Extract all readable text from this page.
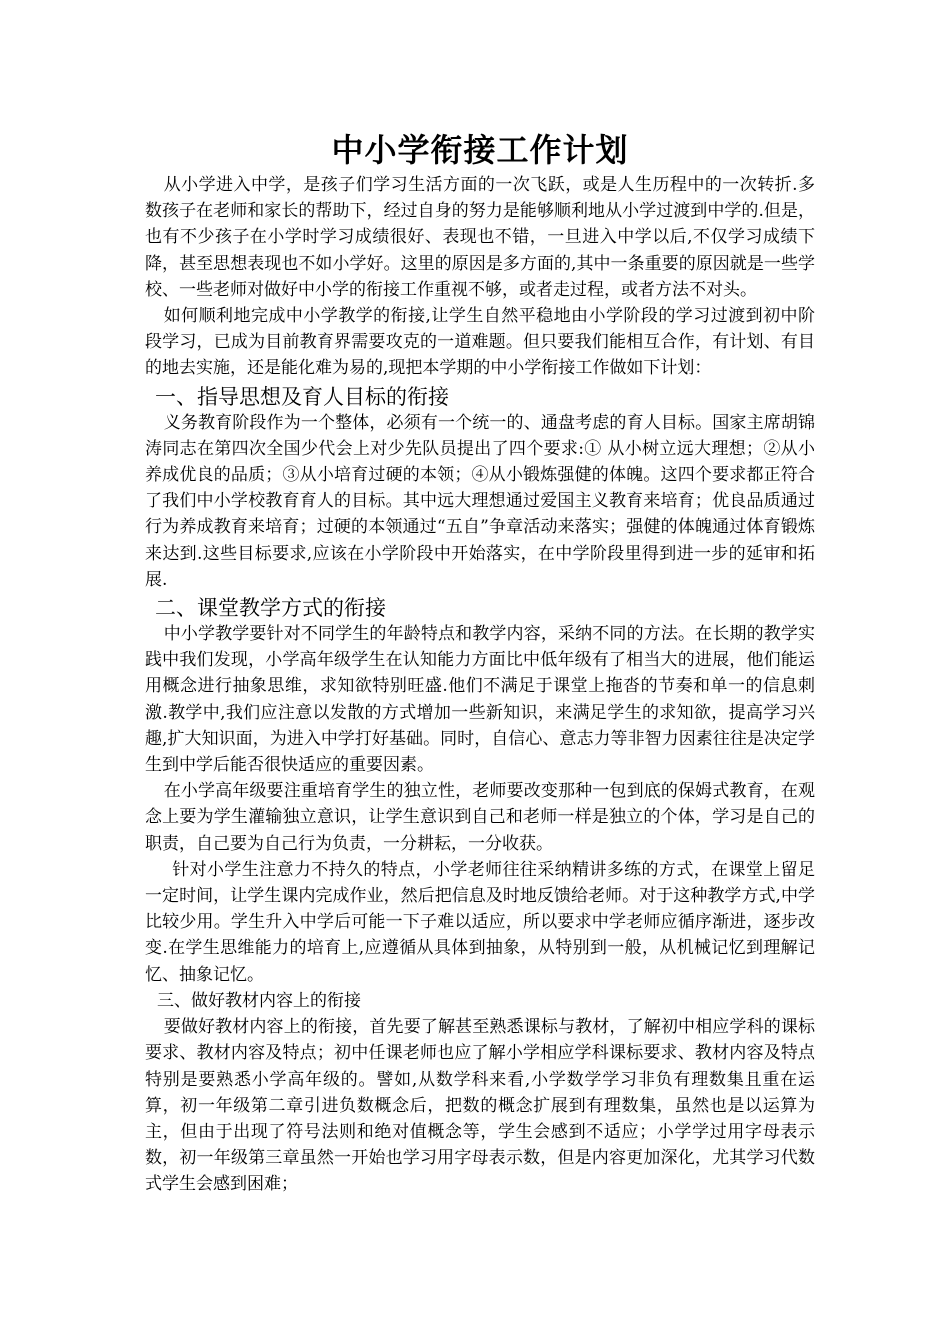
中小学衔接工作计划

从小学进入中学，是孩子们学习生活方面的一次飞跃，或是人生历程中的一次转折.多数孩子在老师和家长的帮助下，经过自身的努力是能够顺利地从小学过渡到中学的.但是，也有不少孩子在小学时学习成绩很好、表现也不错，一旦进入中学以后,不仅学习成绩下降，甚至思想表现也不如小学好。这里的原因是多方面的,其中一条重要的原因就是一些学校、一些老师对做好中小学的衔接工作重视不够，或者走过程，或者方法不对头。

如何顺利地完成中小学教学的衔接,让学生自然平稳地由小学阶段的学习过渡到初中阶段学习，已成为目前教育界需要攻克的一道难题。但只要我们能相互合作，有计划、有目的地去实施，还是能化难为易的,现把本学期的中小学衔接工作做如下计划：

一、指导思想及育人目标的衔接

义务教育阶段作为一个整体，必须有一个统一的、通盘考虑的育人目标。国家主席胡锦涛同志在第四次全国少代会上对少先队员提出了四个要求:① 从小树立远大理想；②从小养成优良的品质；③从小培育过硬的本领；④从小锻炼强健的体魄。这四个要求都正符合了我们中小学校教育育人的目标。其中远大理想通过爱国主义教育来培育；优良品质通过行为养成教育来培育；过硬的本领通过“五自”争章活动来落实；强健的体魄通过体育锻炼来达到.这些目标要求,应该在小学阶段中开始落实，在中学阶段里得到进一步的延审和拓展.

二、课堂教学方式的衔接

中小学教学要针对不同学生的年龄特点和教学内容，采纳不同的方法。在长期的教学实践中我们发现，小学高年级学生在认知能力方面比中低年级有了相当大的进展，他们能运用概念进行抽象思维，求知欲特别旺盛.他们不满足于课堂上拖沓的节奏和单一的信息刺激.教学中,我们应注意以发散的方式增加一些新知识，来满足学生的求知欲，提高学习兴趣,扩大知识面，为进入中学打好基础。同时，自信心、意志力等非智力因素往往是决定学生到中学后能否很快适应的重要因素。

在小学高年级要注重培育学生的独立性，老师要改变那种一包到底的保姆式教育，在观念上要为学生灌输独立意识，让学生意识到自己和老师一样是独立的个体，学习是自己的职责，自己要为自己行为负责，一分耕耘，一分收获。

针对小学生注意力不持久的特点，小学老师往往采纳精讲多练的方式，在课堂上留足一定时间，让学生课内完成作业，然后把信息及时地反馈给老师。对于这种教学方式,中学比较少用。学生升入中学后可能一下子难以适应，所以要求中学老师应循序渐进，逐步改变.在学生思维能力的培育上,应遵循从具体到抽象，从特别到一般，从机械记忆到理解记忆、抽象记忆。

三、做好教材内容上的衔接

要做好教材内容上的衔接，首先要了解甚至熟悉课标与教材，了解初中相应学科的课标要求、教材内容及特点；初中任课老师也应了解小学相应学科课标要求、教材内容及特点特别是要熟悉小学高年级的。譬如,从数学科来看,小学数学学习非负有理数集且重在运算，初一年级第二章引进负数概念后，把数的概念扩展到有理数集，虽然也是以运算为主，但由于出现了符号法则和绝对值概念等，学生会感到不适应；小学学过用字母表示数，初一年级第三章虽然一开始也学习用字母表示数，但是内容更加深化，尤其学习代数式学生会感到困难；
